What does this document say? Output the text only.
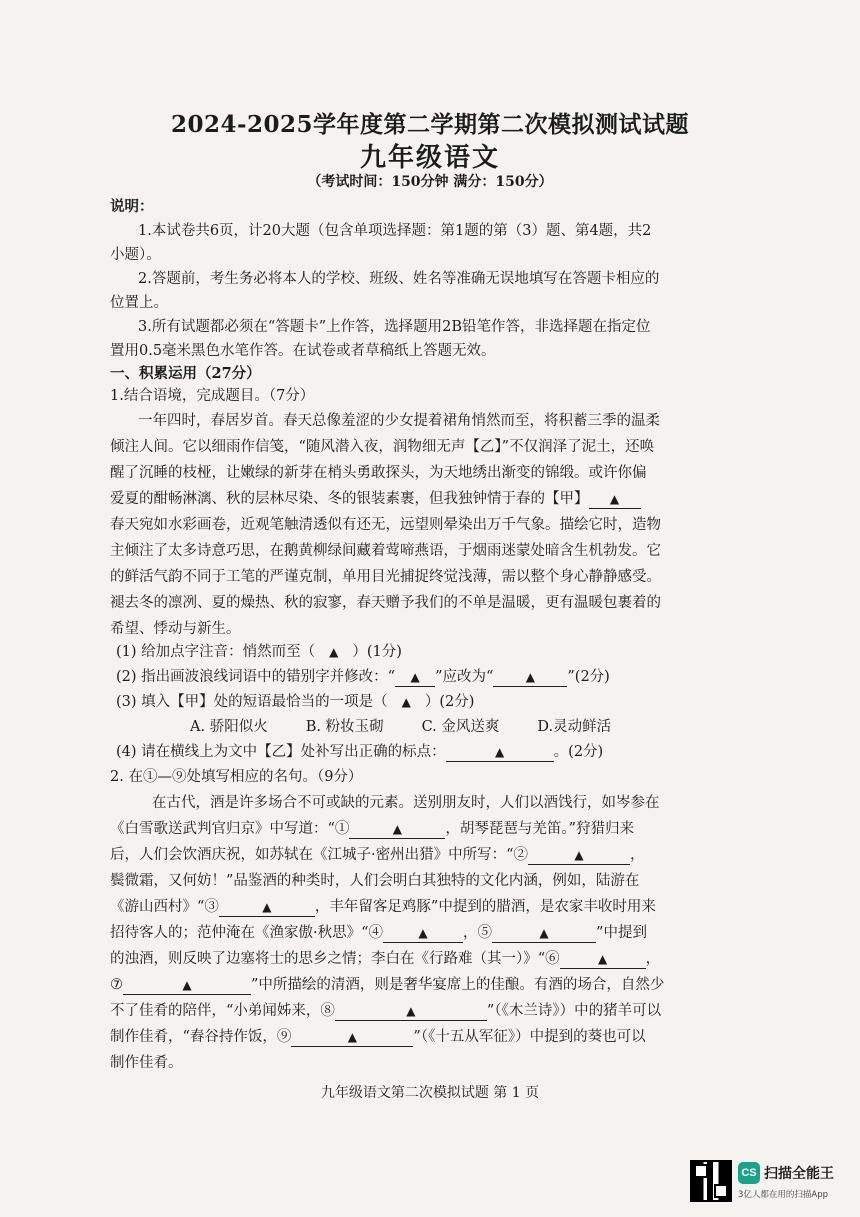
2024-2025学年度第二学期第二次模拟测试试题
九年级语文
（考试时间：150分钟 满分：150分）
说明：
1.本试卷共6页，计20大题（包含单项选择题：第1题的第（3）题、第4题，共2
小题）。
2.答题前，考生务必将本人的学校、班级、姓名等准确无误地填写在答题卡相应的
位置上。
3.所有试题都必须在“答题卡”上作答，选择题用2B铅笔作答，非选择题在指定位
置用0.5毫米黑色水笔作答。在试卷或者草稿纸上答题无效。
一、积累运用（27分）
1.结合语境，完成题目。（7分）
一年四时，春居岁首。春天总像羞涩的少女提着裙角悄然而至，将积蓄三季的温柔
倾注人间。它以细雨作信笺，“随风潜入夜，润物细无声【乙】”不仅润泽了泥土，还唤
醒了沉睡的枝桠，让嫩绿的新芽在梢头勇敢探头，为天地绣出渐变的锦缎。或许你偏
爱夏的酣畅淋漓、秋的层林尽染、冬的银装素裹，但我独钟情于春的【甲】 ▲
春天宛如水彩画卷，近观笔触清透似有还无，远望则晕染出万千气象。描绘它时，造物
主倾注了太多诗意巧思，在鹅黄柳绿间藏着莺啼燕语，于烟雨迷蒙处暗含生机勃发。它
的鲜活气韵不同于工笔的严谨克制，单用目光捕捉终觉浅薄，需以整个身心静静感受。
褪去冬的凛冽、夏的燥热、秋的寂寥，春天赠予我们的不单是温暖，更有温暖包裹着的
希望、悸动与新生。
(1) 给加点字注音：悄然而至（ ▲ ）(1分)
(2) 指出画波浪线词语中的错别字并修改：“ ▲ ”应改为“	▲ ”(2分)
(3) 填入【甲】处的短语最恰当的一项是（ ▲ ）(2分)
A. 骄阳似火	B. 粉妆玉砌	C. 金风送爽	D.灵动鲜活
(4) 请在横线上为文中【乙】处补写出正确的标点：	▲	。(2分)
2. 在①—⑨处填写相应的名句。（9分）
在古代，酒是许多场合不可或缺的元素。送别朋友时，人们以酒饯行，如岑参在
《白雪歌送武判官归京》中写道：“①	▲	，胡琴琵琶与羌笛。”狩猎归来
后，人们会饮酒庆祝，如苏轼在《江城子·密州出猎》中所写：“②	▲	，
鬓微霜，又何妨！”品鉴酒的种类时，人们会明白其独特的文化内涵，例如，陆游在
《游山西村》“③	▲	，丰年留客足鸡豚”中提到的腊酒，是农家丰收时用来
招待客人的；范仲淹在《渔家傲·秋思》“④	▲ ，⑤	▲	”中提到
的浊酒，则反映了边塞将士的思乡之情；李白在《行路难（其一）》“⑥	▲	，
⑦	▲	”中所描绘的清酒，则是奢华宴席上的佳酿。有酒的场合，自然少
不了佳肴的陪伴，“小弟闻姊来，⑧	▲	”（《木兰诗》）中的猪羊可以
制作佳肴，“舂谷持作饭，⑨	▲	”（《十五从军征》）中提到的葵也可以
制作佳肴。
九年级语文第二次模拟试题 第 1 页
CS 扫描全能王
3亿人都在用的扫描App
